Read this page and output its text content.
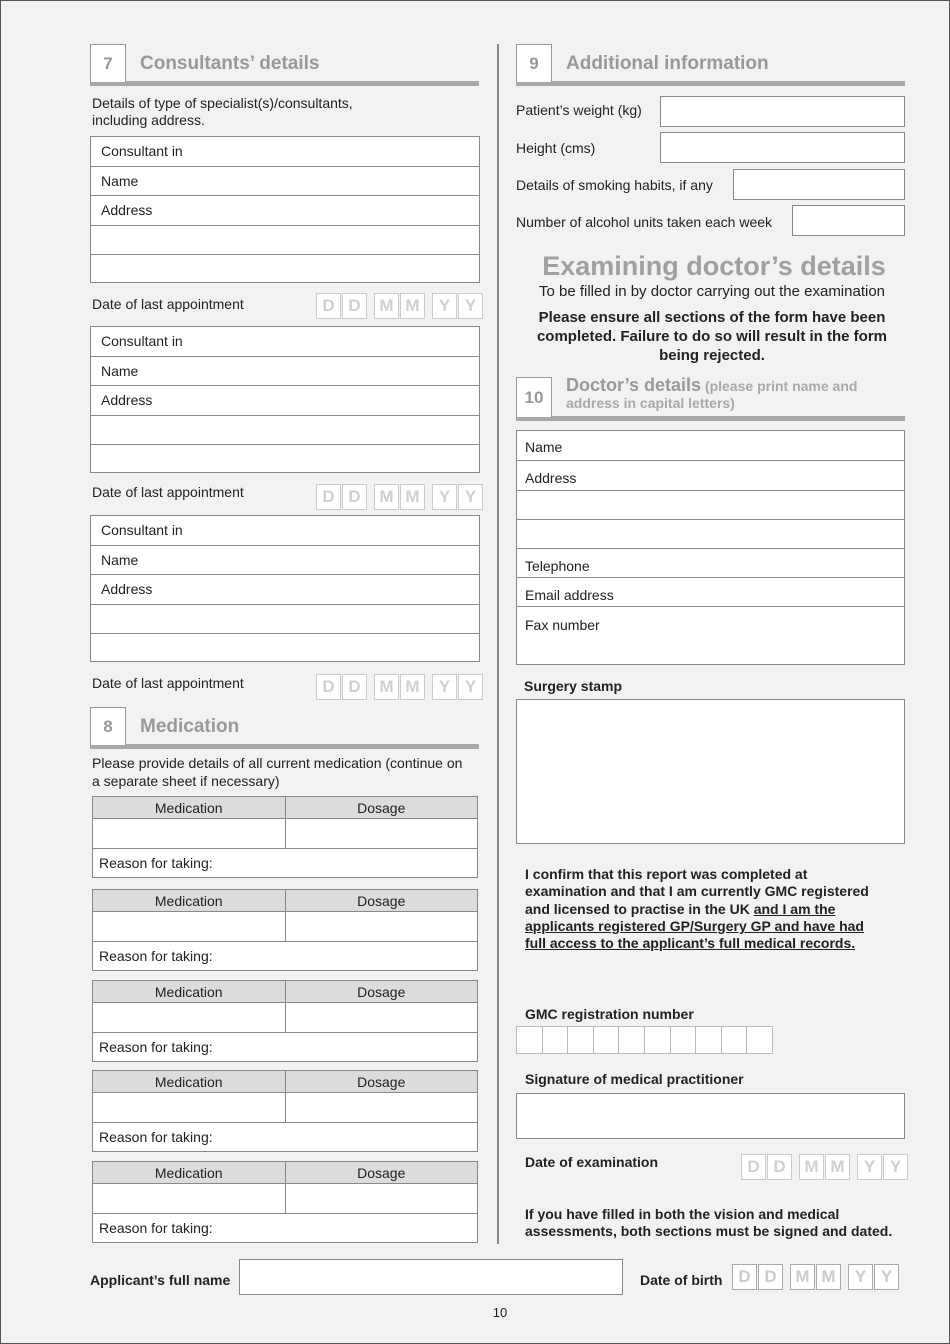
7	Consultants’ details
Details of type of specialist(s)/consultants,
including address.
Consultant in
Name
Address
Date of last appointment	D D	M M	Y Y
Consultant in
Name
Address
Date of last appointment	D D	M M	Y Y
Consultant in
Name
Address
Date of last appointment	D D	M M	Y Y
8	Medication
Please provide details of all current medication (continue on
a separate sheet if necessary)
Medication	Dosage
Reason for taking:
Medication	Dosage
Reason for taking:
Medication	Dosage
Reason for taking:
Medication	Dosage
Reason for taking:
Medication	Dosage
Reason for taking:
9	Additional information
Patient’s weight (kg)
Height (cms)
Details of smoking habits, if any
Number of alcohol units taken each week
Examining doctor’s details
To be filled in by doctor carrying out the examination
Please ensure all sections of the form have been
completed. Failure to do so will result in the form
being rejected.
10
Doctor’s details (please print name and
address in capital letters)
Name
Address
Telephone
Email address
Fax number
Surgery stamp
I confirm that this report was completed at
examination and that I am currently GMC registered
and licensed to practise in the UK and I am the
applicants registered GP/Surgery GP and have had
full access to the applicant’s full medical records.
GMC registration number
Signature of medical practitioner
Date of examination	D D	M M	Y Y
If you have filled in both the vision and medical
assessments, both sections must be signed and dated.
Applicant’s full name	Date of birth D D	M M	Y Y
10
